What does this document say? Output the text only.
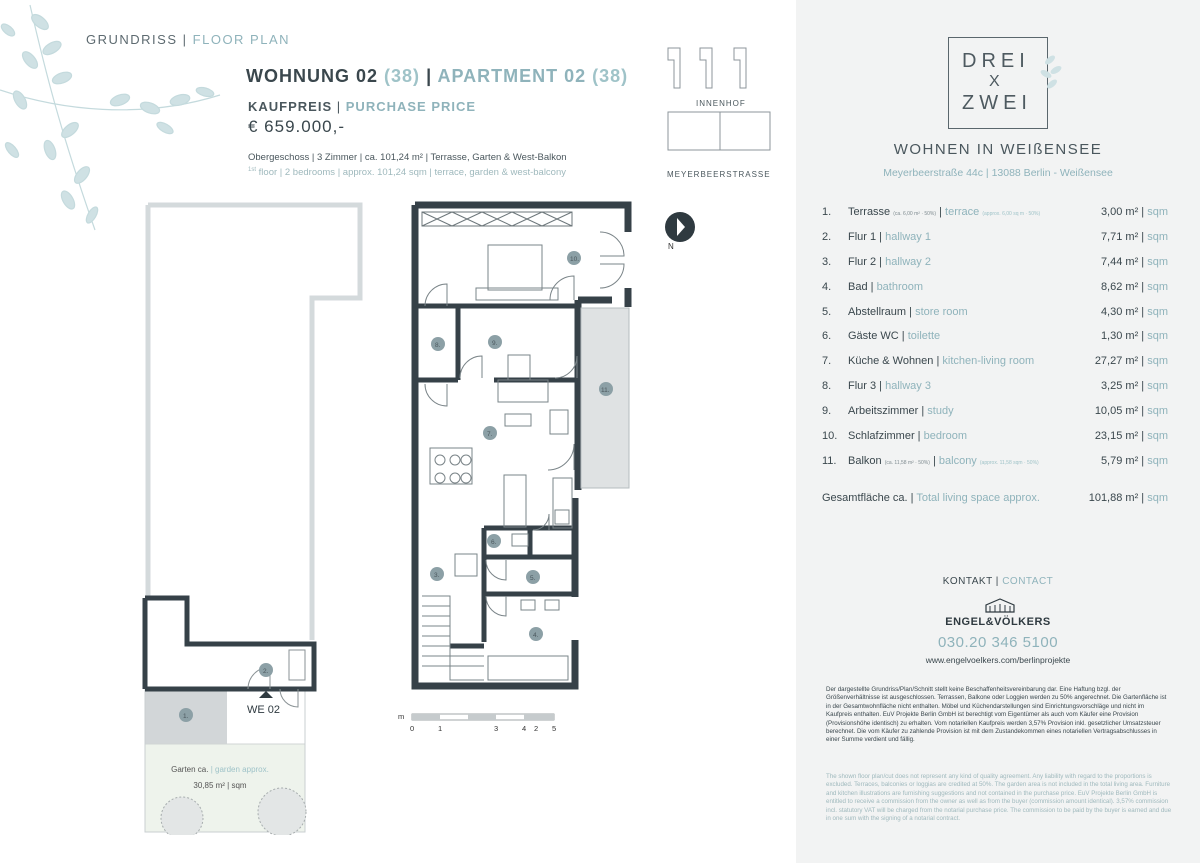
GRUNDRISS | FLOOR PLAN
WOHNUNG 02 (38) | APARTMENT 02 (38)
KAUFPREIS | PURCHASE PRICE
€ 659.000,-
Obergeschoss | 3 Zimmer | ca. 101,24 m² | Terrasse, Garten & West-Balkon
$^{1st}$ floor | 2 bedrooms | approx. 101,24 sqm | terrace, garden & west-balcony
INNENHOF
MEYERBEERSTRASSE
N
10.
8.	9.
11.
7.
6.
5.
3.
4.
2.
1.
WE 02
Garten ca. | garden approx.
30,85 m² | sqm
m
0	1	3	4 2 5
DREI
X
ZWEI
WOHNEN IN WEIßENSEE
Meyerbeerstraße 44c | 13088 Berlin - Weißensee
1. Terrasse (ca. 6,00 m² · 50%) | terrace (approx. 6,00 sq m · 50%)	3,00 m² | sqm
2. Flur 1 | hallway 1	7,71 m² | sqm
3. Flur 2 | hallway 2	7,44 m² | sqm
4. Bad | bathroom	8,62 m² | sqm
5. Abstellraum | store room	4,30 m² | sqm
6. Gäste WC | toilette	1,30 m² | sqm
7. Küche & Wohnen | kitchen-living room	27,27 m² | sqm
8. Flur 3 | hallway 3	3,25 m² | sqm
9. Arbeitszimmer | study	10,05 m² | sqm
10. Schlafzimmer | bedroom	23,15 m² | sqm
11. Balkon (ca. 11,58 m² · 50%) | balcony (approx. 11,58 sqm · 50%)	5,79 m² | sqm
Gesamtfläche ca. | Total living space approx.	101,88 m² | sqm
KONTAKT | CONTACT
ENGEL&VÖLKERS
030.20 346 5100
www.engelvoelkers.com/berlinprojekte
Der dargestellte Grundriss/Plan/Schnitt stellt keine Beschaffenheitsvereinbarung dar. Eine Haftung bzgl. der Größenverhältnisse ist ausgeschlossen. Terrassen, Balkone oder Loggien werden zu 50% angerechnet. Die Gartenfläche ist in der Gesamtwohnfläche nicht enthalten. Möbel und Küchendarstellungen sind Einrichtungsvorschläge und nicht im Kaufpreis enthalten. EuV Projekte Berlin GmbH ist berechtigt vom Eigentümer als auch vom Käufer eine Provision (Provisionshöhe identisch) zu erhalten. Vom notariellen Kaufpreis werden 3,57% Provision inkl. gesetzlicher Umsatzsteuer berechnet. Die vom Käufer zu zahlende Provision ist mit dem Zustandekommen eines notariellen Vertragsabschlusses in einer Summe verdient und fällig.
The shown floor plan/cut does not represent any kind of quality agreement. Any liability with regard to the proportions is excluded. Terraces, balconies or loggias are credited at 50%. The garden area is not included in the total living area. Furniture and kitchen illustrations are furnishing suggestions and not contained in the purchase price. EuV Projekte Berlin GmbH is entitled to receive a commission from the owner as well as from the buyer (commission amount identical). 3,57% commission incl. statutory VAT will be charged from the notarial purchase price. The commission to be paid by the buyer is earned and due in one sum with the signing of a notarial contract.
